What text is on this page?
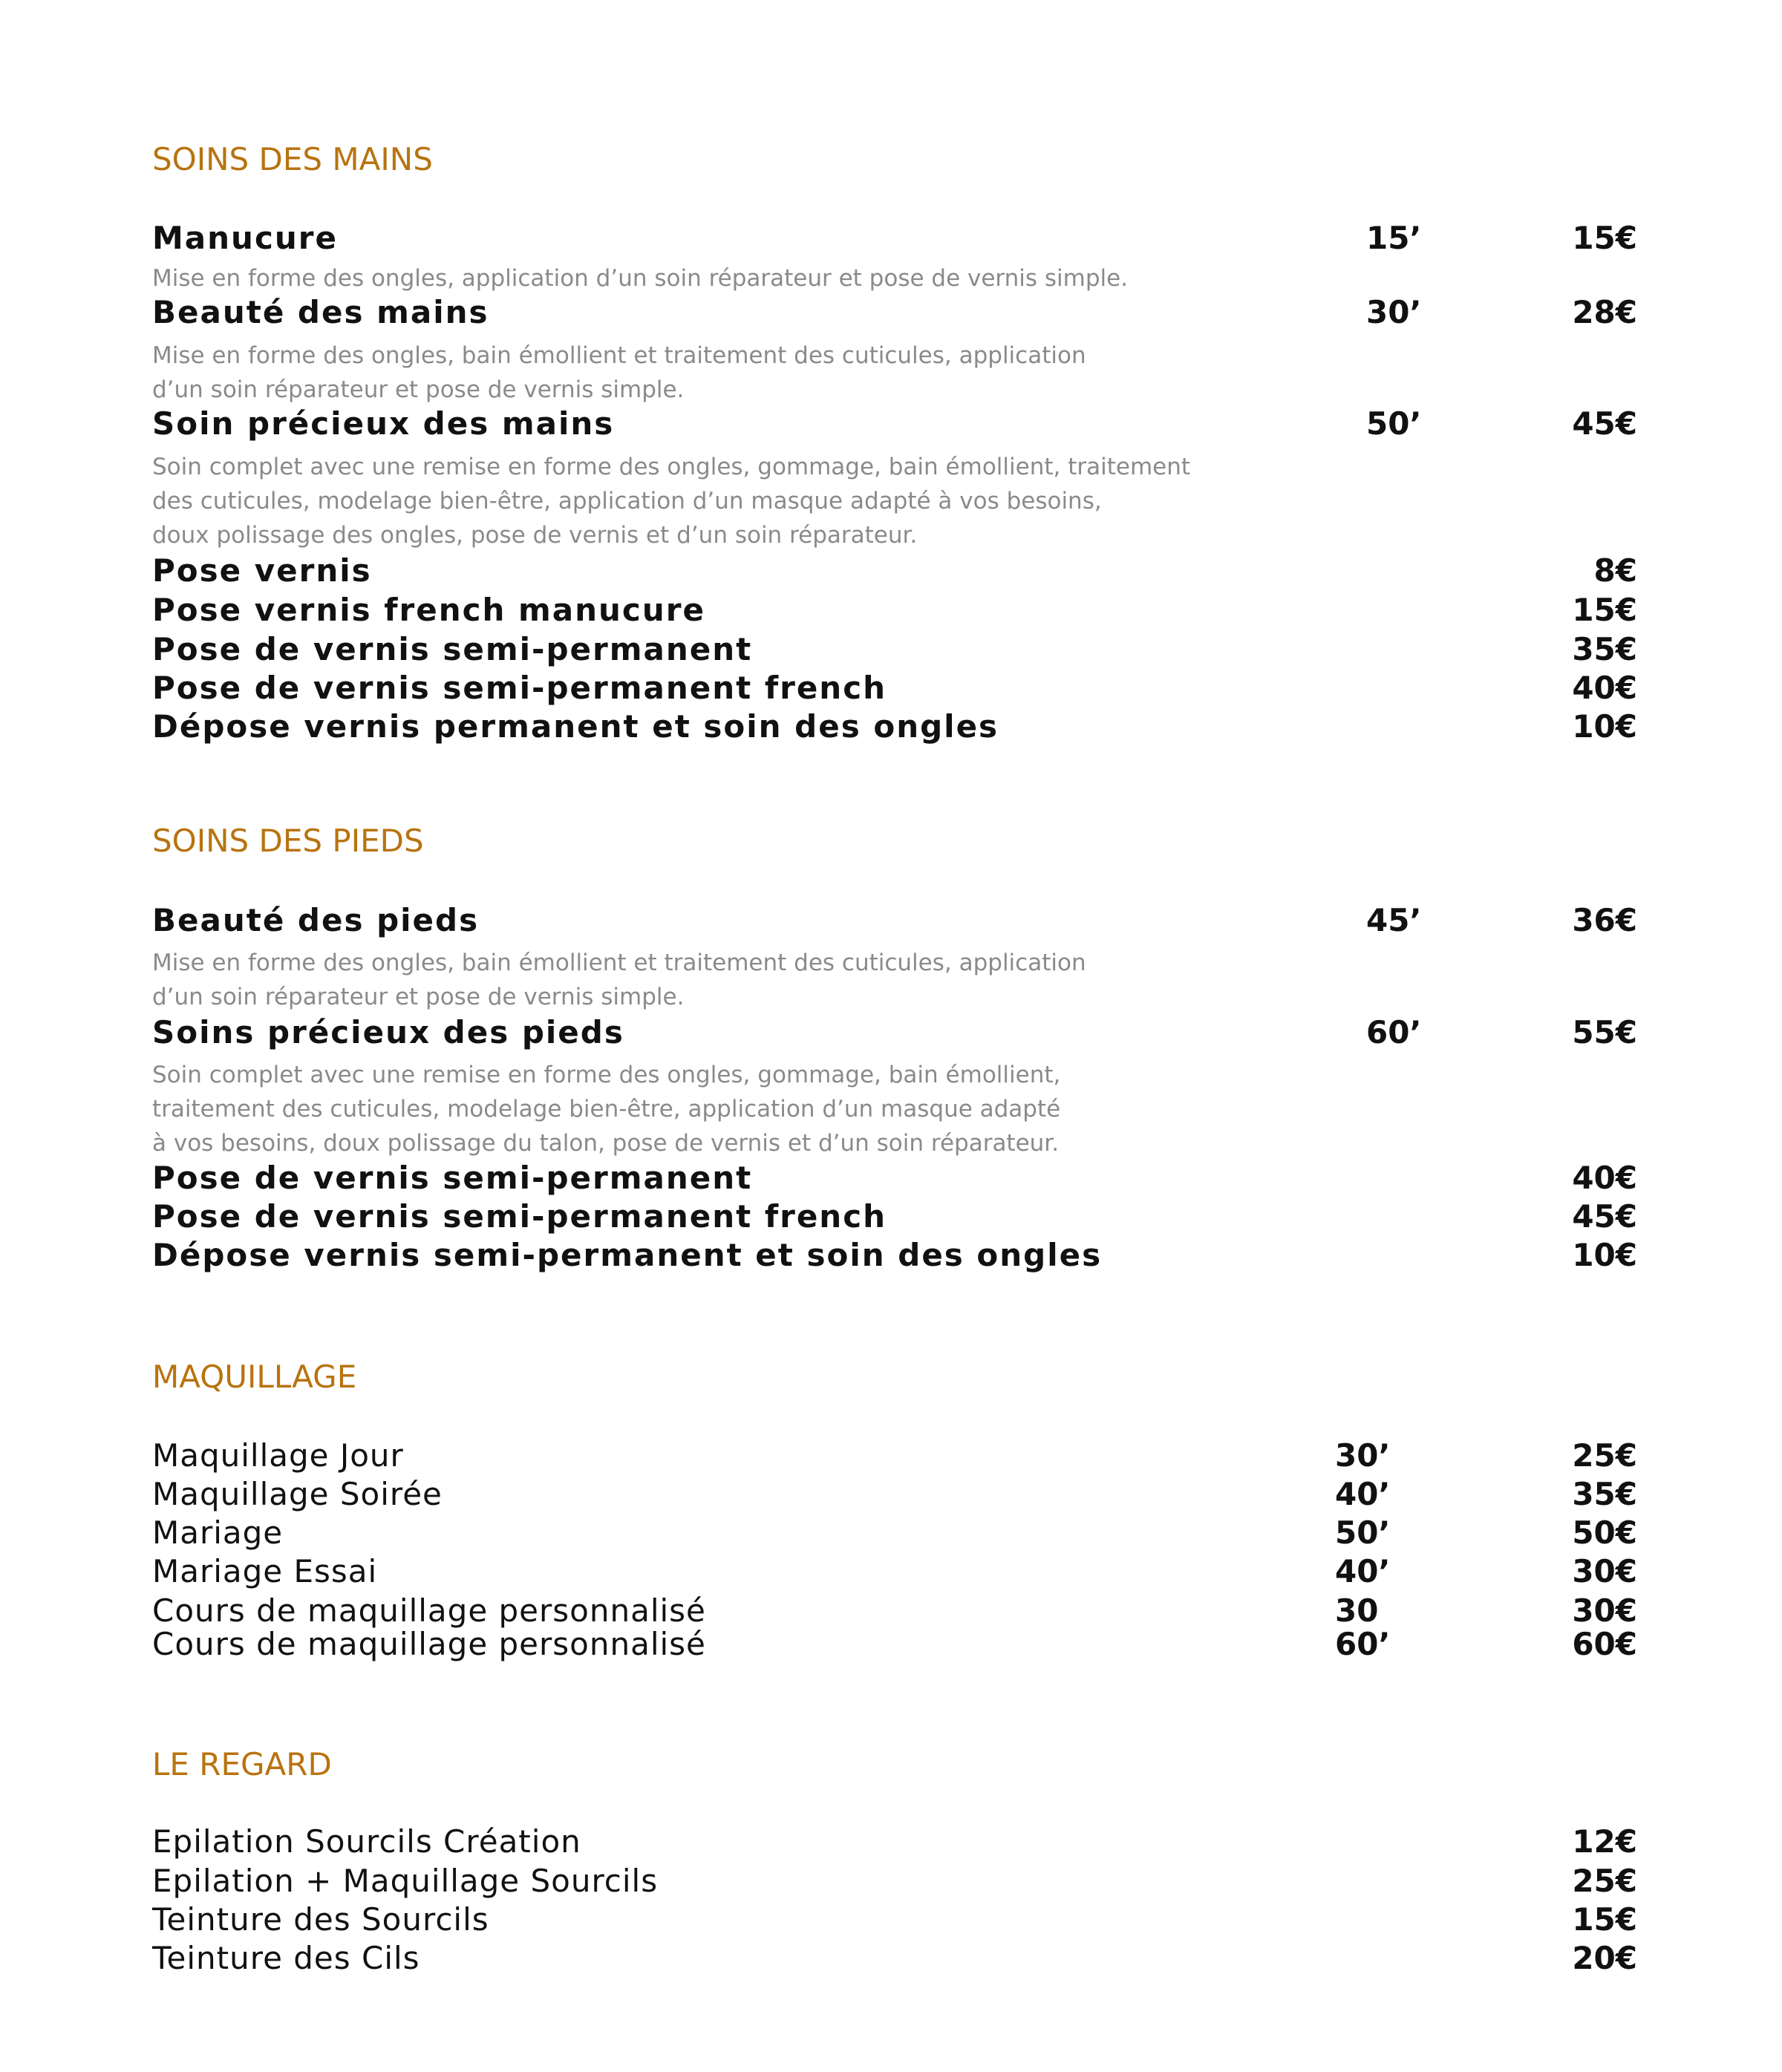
SOINS DES MAINS
Manucure	15’	15€
Mise en forme des ongles, application d’un soin réparateur et pose de vernis simple.
Beauté des mains	30’	28€
Mise en forme des ongles, bain émollient et traitement des cuticules, application
d’un soin réparateur et pose de vernis simple.
Soin précieux des mains	50’	45€
Soin complet avec une remise en forme des ongles, gommage, bain émollient, traitement
des cuticules, modelage bien-être, application d’un masque adapté à vos besoins,
doux polissage des ongles, pose de vernis et d’un soin réparateur.
Pose vernis	8€
Pose vernis french manucure	15€
Pose de vernis semi-permanent	35€
Pose de vernis semi-permanent french	40€
Dépose vernis permanent et soin des ongles	10€
SOINS DES PIEDS
Beauté des pieds	45’	36€
Mise en forme des ongles, bain émollient et traitement des cuticules, application
d’un soin réparateur et pose de vernis simple.
Soins précieux des pieds	60’	55€
Soin complet avec une remise en forme des ongles, gommage, bain émollient,
traitement des cuticules, modelage bien-être, application d’un masque adapté
à vos besoins, doux polissage du talon, pose de vernis et d’un soin réparateur.
Pose de vernis semi-permanent	40€
Pose de vernis semi-permanent french	45€
Dépose vernis semi-permanent et soin des ongles	10€
MAQUILLAGE
Maquillage Jour	30’	25€
Maquillage Soirée	40’	35€
Mariage	50’	50€
Mariage Essai	40’	30€
Cours de maquillage personnalisé	30	30€
Cours de maquillage personnalisé	60’	60€
LE REGARD
Epilation Sourcils Création	12€
Epilation + Maquillage Sourcils	25€
Teinture des Sourcils	15€
Teinture des Cils	20€
